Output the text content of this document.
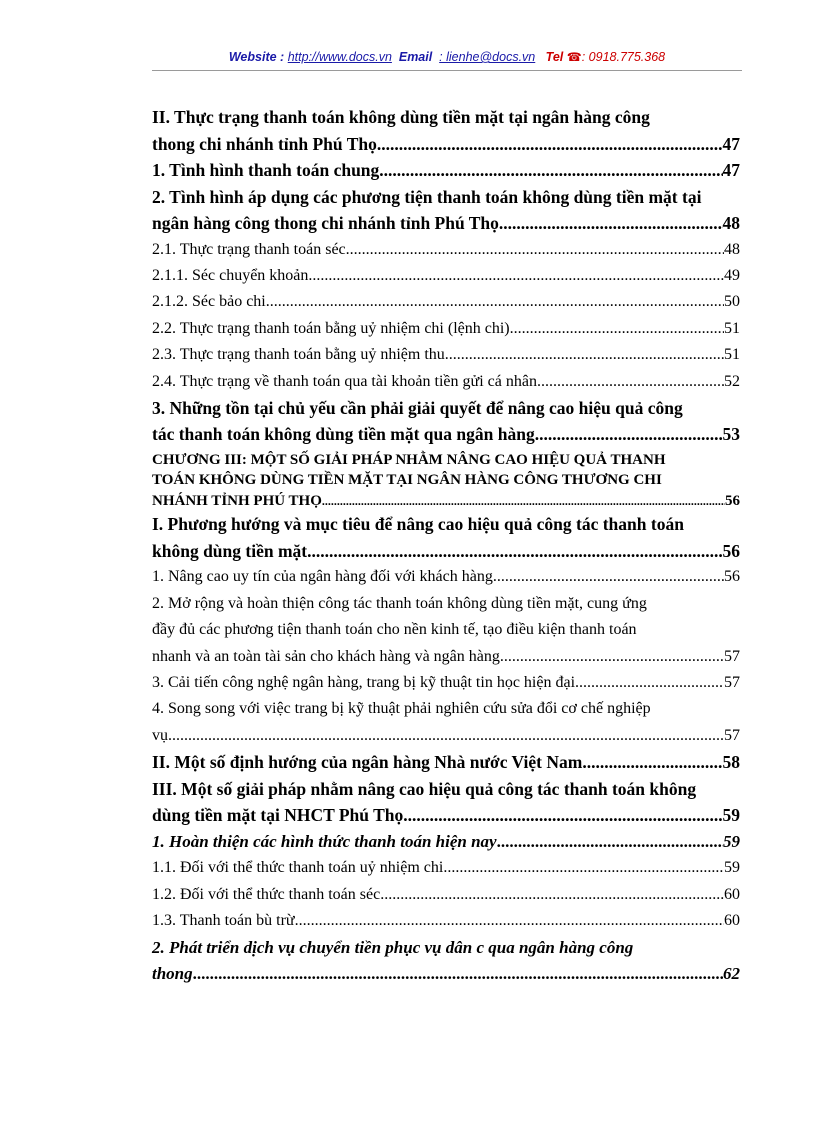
Website : http://www.docs.vn Email : lienhe@docs.vn Tel ☎: 0918.775.368
II. Thực trạng thanh toán không dùng tiền mặt tại ngân hàng công
thong chi nhánh tỉnh Phú Thọ .....	47
1. Tình hình thanh toán chung .....	47
2. Tình hình áp dụng các phương tiện thanh toán không dùng tiền mặt tại
ngân hàng công thong chi nhánh tỉnh Phú Thọ .....	48
2.1. Thực trạng thanh toán séc .....	48
2.1.1. Séc chuyển khoản .....	49
2.1.2. Séc bảo chi .....	50
2.2. Thực trạng thanh toán bằng uỷ nhiệm chi (lệnh chi) .....	51
2.3. Thực trạng thanh toán bằng uỷ nhiệm thu .....	51
2.4. Thực trạng về thanh toán qua tài khoản tiền gửi cá nhân .....	52
3. Những tồn tại chủ yếu cần phải giải quyết để nâng cao hiệu quả công
tác thanh toán không dùng tiền mặt qua ngân hàng .....	53
CHƯƠNG III: MỘT SỐ GIẢI PHÁP NHẰM NÂNG CAO HIỆU QUẢ THANH
TOÁN KHÔNG DÙNG TIỀN MẶT TẠI NGÂN HÀNG CÔNG THƯƠNG CHI
NHÁNH TỈNH PHÚ THỌ .....	56
I. Phương hướng và mục tiêu để nâng cao hiệu quả công tác thanh toán
không dùng tiền mặt .....	56
1. Nâng cao uy tín của ngân hàng đối với khách hàng .....	56
2. Mở rộng và hoàn thiện công tác thanh toán không dùng tiền mặt, cung ứng
đầy đủ các phương tiện thanh toán cho nền kinh tế, tạo điều kiện thanh toán
nhanh và an toàn tài sản cho khách hàng và ngân hàng .....	57
3. Cải tiến công nghệ ngân hàng, trang bị kỹ thuật tin học hiện đại .....	57
4. Song song với việc trang bị kỹ thuật phải nghiên cứu sửa đổi cơ chế nghiệp
vụ .....	57
II. Một số định hướng của ngân hàng Nhà nước Việt Nam .....	58
III. Một số giải pháp nhằm nâng cao hiệu quả công tác thanh toán không
dùng tiền mặt tại NHCT Phú Thọ .....	59
1. Hoàn thiện các hình thức thanh toán hiện nay .....	59
1.1. Đối với thể thức thanh toán uỷ nhiệm chi .....	59
1.2. Đối với thể thức thanh toán séc .....	60
1.3. Thanh toán bù trừ .....	60
2. Phát triển dịch vụ chuyển tiền phục vụ dân c qua ngân hàng công
thong .....	62
